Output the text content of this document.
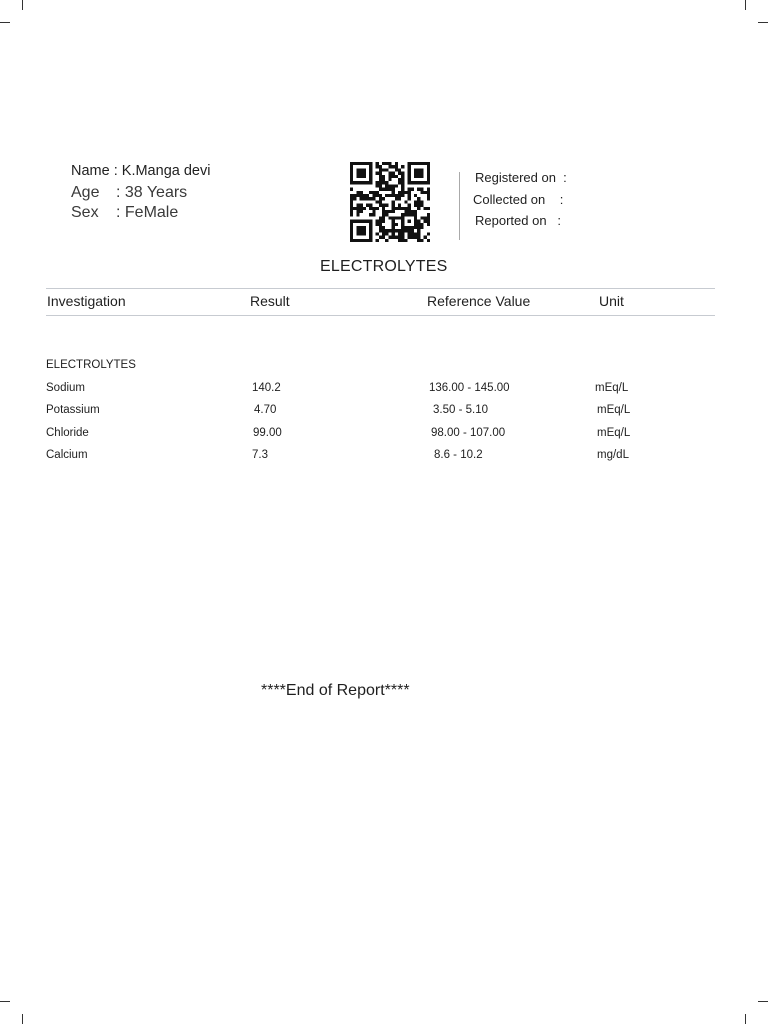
Name : K.Manga devi
Age : 38 Years
Sex : FeMale
Registered on  :
Collected on    :
Reported on   :
ELECTROLYTES
Investigation	Result	Reference Value	Unit
ELECTROLYTES
Sodium	140.2	136.00 - 145.00	mEq/L
Potassium	4.70	3.50 - 5.10	mEq/L
Chloride	99.00	98.00 - 107.00	mEq/L
Calcium	7.3	8.6 - 10.2	mg/dL
****End of Report****
